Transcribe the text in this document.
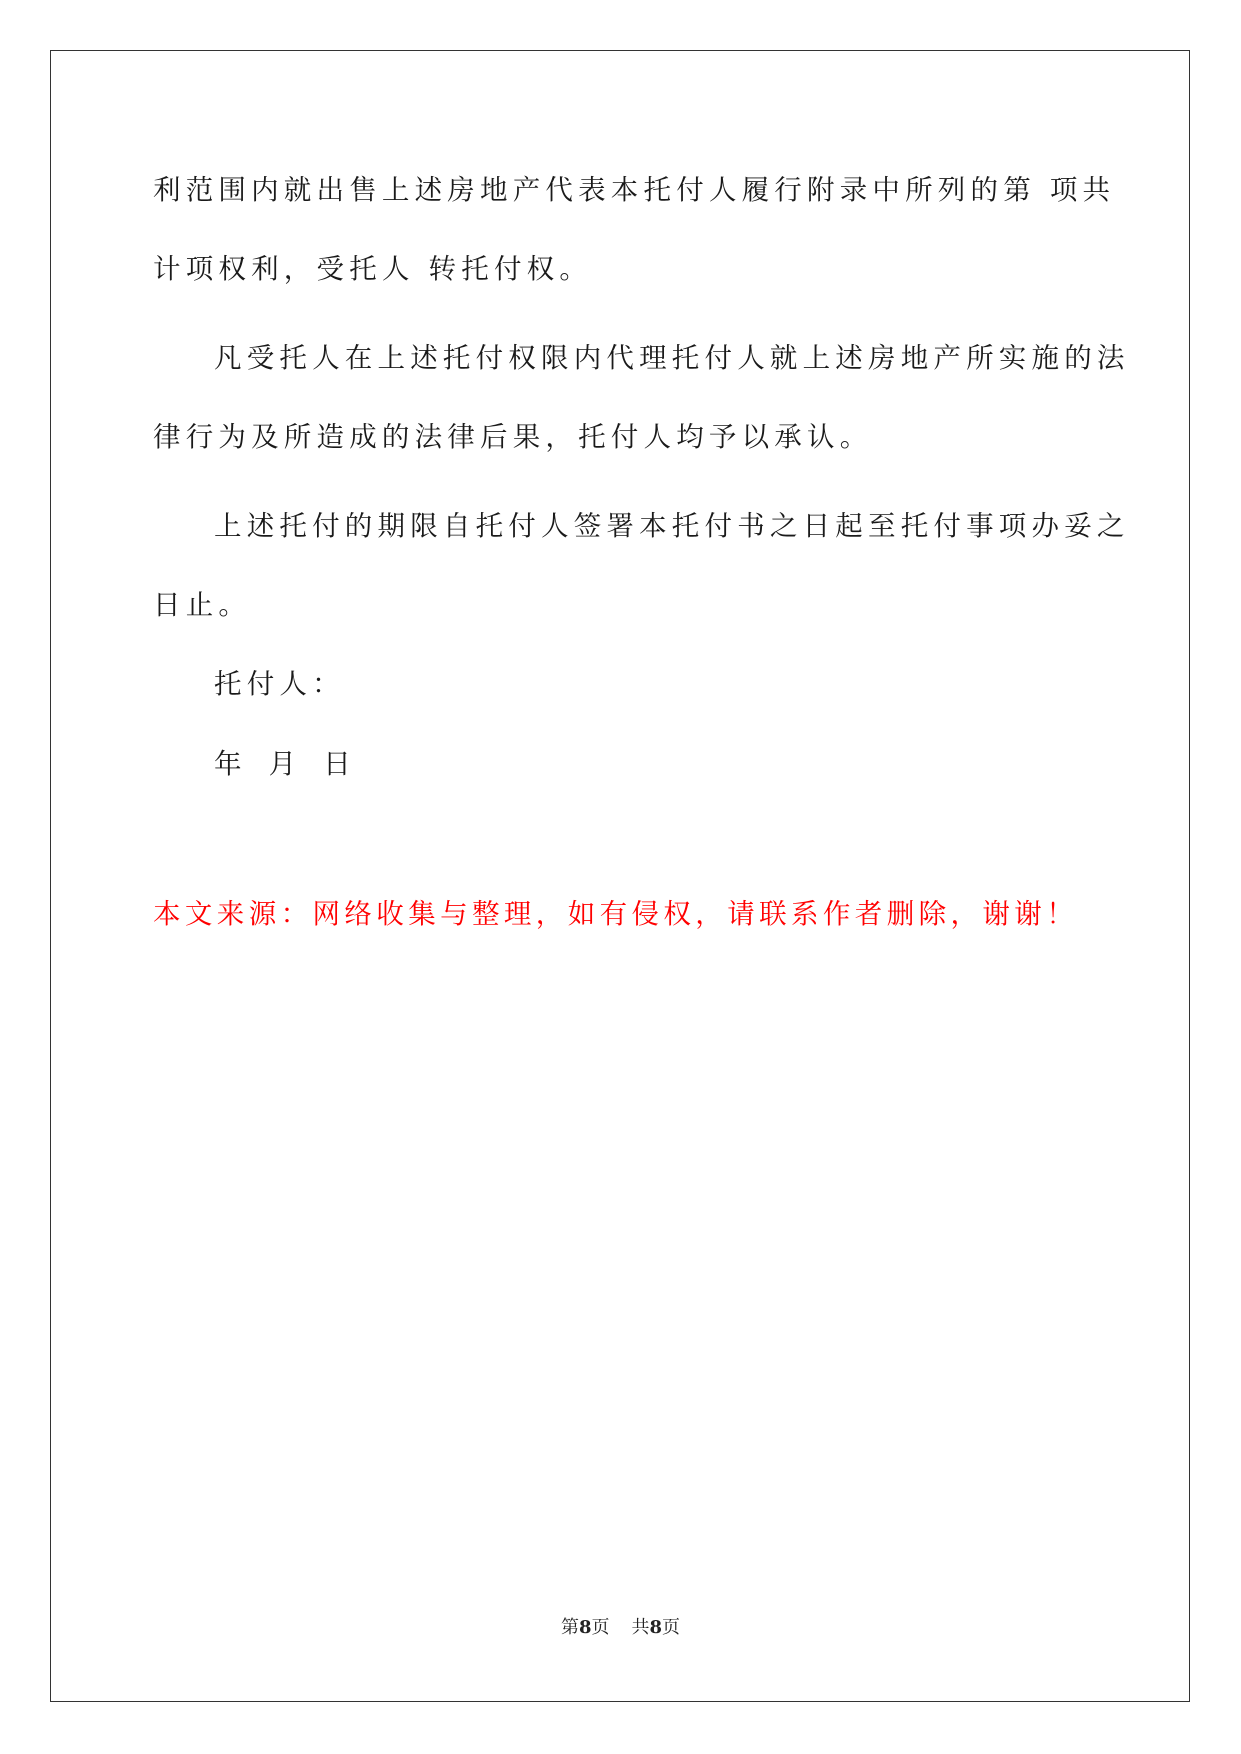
利范围内就出售上述房地产代表本托付人履行附录中所列的第 项共
计项权利，受托人 转托付权。
凡受托人在上述托付权限内代理托付人就上述房地产所实施的法
律行为及所造成的法律后果，托付人均予以承认。
上述托付的期限自托付人签署本托付书之日起至托付事项办妥之
日止。
托付人：
年 月 日
本文来源：网络收集与整理，如有侵权，请联系作者删除，谢谢！
第8页 共8页
